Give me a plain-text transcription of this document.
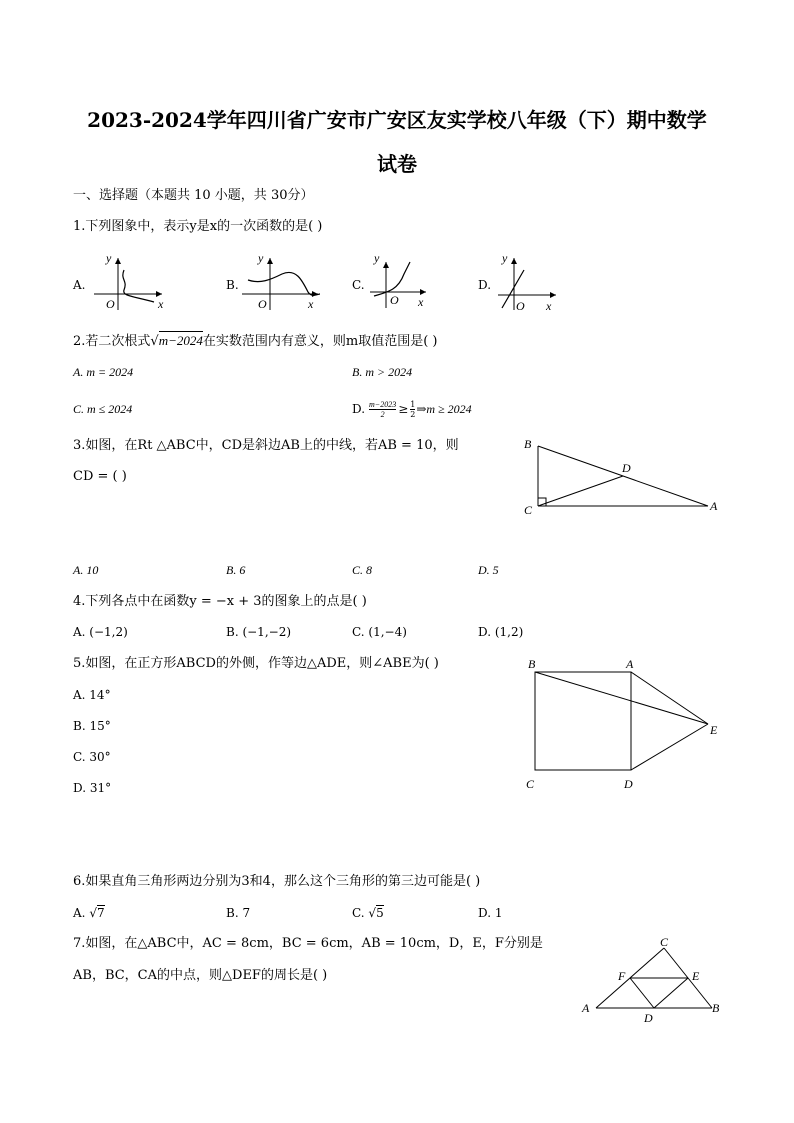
2023-2024学年四川省广安市广安区友实学校八年级（下）期中数学
试卷
一、选择题（本题共 10 小题，共 30分）
1.下列图象中，表示y是x的一次函数的是( )
A.	B.	C.	D.
y
x
O
y
x
O
y
x
O
y
x
O
2.若二次根式√m−2024在实数范围内有意义，则m取值范围是( )
A. m = 2024	B. m > 2024
C. m ≤ 2024	D. $\frac{m-2023}{2} \ge \frac{1}{2}$ ⇒m ≥ 2024
3.如图，在Rt △ABC中，CD是斜边AB上的中线，若AB = 10，则
CD = ( )
B
D
C	A
A. 10	B. 6	C. 8	D. 5
4.下列各点中在函数y = −x + 3的图象上的点是( )
A. (−1,2)	B. (−1,−2)	C. (1,−4)	D. (1,2)
5.如图，在正方形ABCD的外侧，作等边△ADE，则∠ABE为( )
A. 14°
B. 15°
C. 30°
D. 31°
B	A
E
C	D
6.如果直角三角形两边分别为3和4，那么这个三角形的第三边可能是( )
A. √7	B. 7	C. √5	D. 1
7.如图，在△ABC中，AC = 8cm，BC = 6cm，AB = 10cm，D，E，F分别是
AB，BC，CA的中点，则△DEF的周长是( )
C
F	E
A
D
B
